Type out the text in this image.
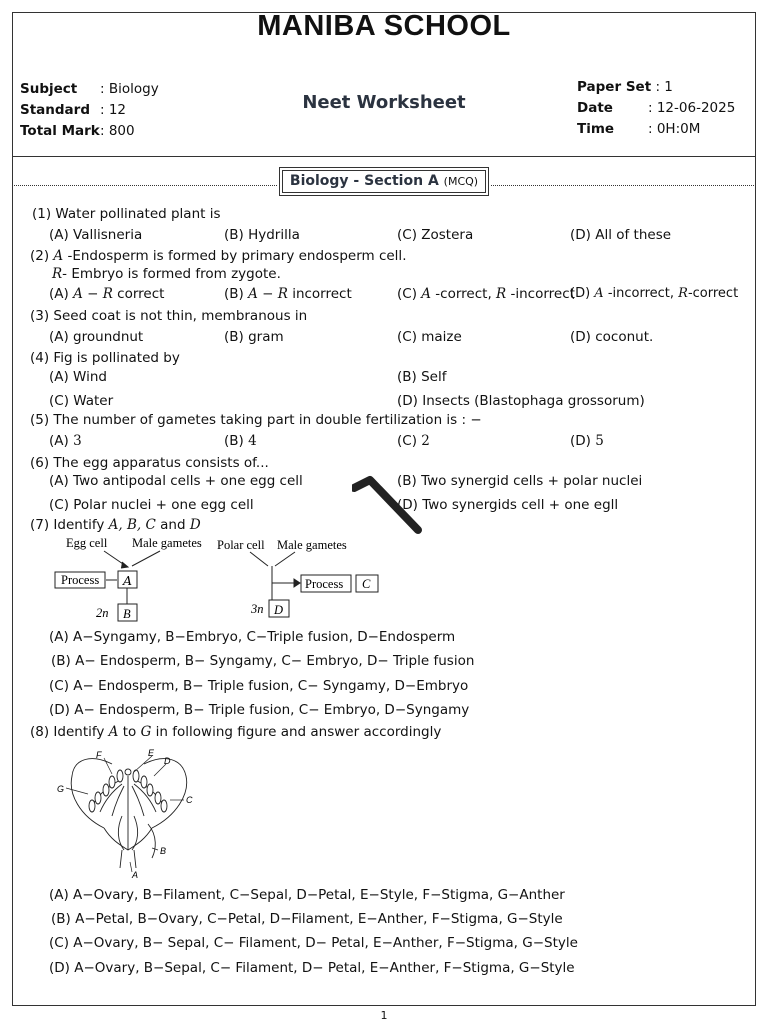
MANIBA SCHOOL
Subject : Biology
Standard : 12
Total Mark: 800
Neet Worksheet
Paper Set : 1
Date	: 12-06-2025
Time	: 0H:0M
Biology - Section A (MCQ)
(1) Water pollinated plant is
(A) Vallisneria	(B) Hydrilla	(C) Zostera	(D) All of these
(2) A -Endosperm is formed by primary endosperm cell.
R- Embryo is formed from zygote.
(A) A − R correct	(B) A − R incorrect	(C) A -correct, R -incorrect
(D) A -incorrect, R-correct
(3) Seed coat is not thin, membranous in
(A) groundnut	(B) gram	(C) maize	(D) coconut.
(4) Fig is pollinated by
(A) Wind	(B) Self
(C) Water	(D) Insects (Blastophaga grossorum)
(5) The number of gametes taking part in double fertilization is : −
(A) 3	(B) 4	(C) 2	(D) 5
(6) The egg apparatus consists of...
(A) Two antipodal cells + one egg cell	(B) Two synergid cells + polar nuclei
(C) Polar nuclei + one egg cell	(D) Two synergids cell + one egll
(7) Identify A, B, C and D
Egg cell Male gametes Polar cell Male gametes
Process A
2n B
Process C
3n D
(A) A−Syngamy, B−Embryo, C−Triple fusion, D−Endosperm
(B) A− Endosperm, B− Syngamy, C− Embryo, D− Triple fusion
(C) A− Endosperm, B− Triple fusion, C− Syngamy, D−Embryo
(D) A− Endosperm, B− Triple fusion, C− Embryo, D−Syngamy
(8) Identify A to G in following figure and answer accordingly
F	E
D
G
C
B
A
(A) A−Ovary, B−Filament, C−Sepal, D−Petal, E−Style, F−Stigma, G−Anther
(B) A−Petal, B−Ovary, C−Petal, D−Filament, E−Anther, F−Stigma, G−Style
(C) A−Ovary, B− Sepal, C− Filament, D− Petal, E−Anther, F−Stigma, G−Style
(D) A−Ovary, B−Sepal, C− Filament, D− Petal, E−Anther, F−Stigma, G−Style
1
